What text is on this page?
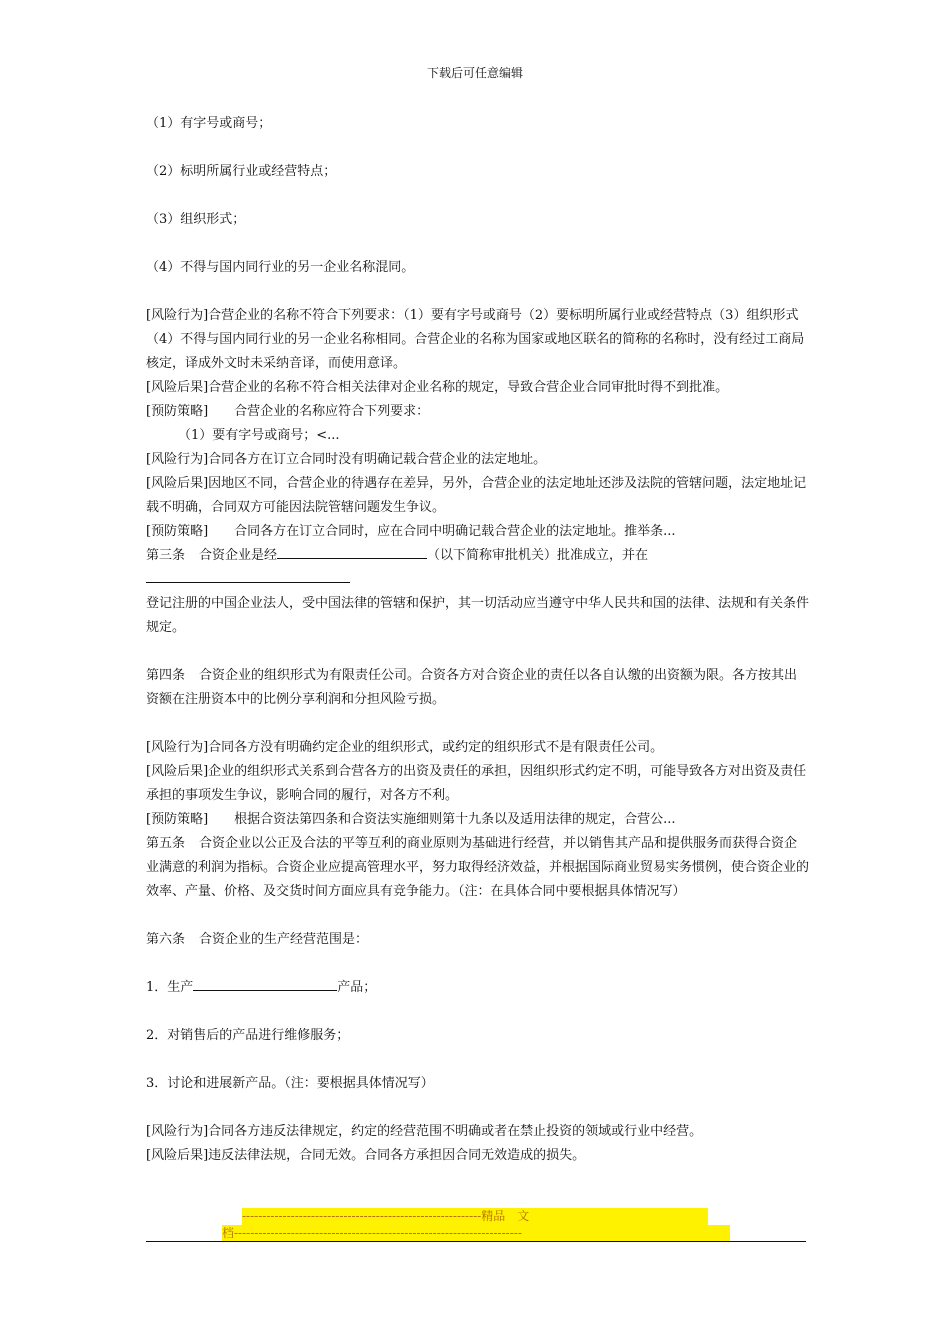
下载后可任意编辑

（1）有字号或商号；

（2）标明所属行业或经营特点；

（3）组织形式；

（4）不得与国内同行业的另一企业名称混同。

[风险行为]合营企业的名称不符合下列要求：（1）要有字号或商号（2）要标明所属行业或经营特点（3）组织形式（4）不得与国内同行业的另一企业名称相同。合营企业的名称为国家或地区联名的简称的名称时，没有经过工商局核定，译成外文时未采纳音译，而使用意译。

[风险后果]合营企业的名称不符合相关法律对企业名称的规定，导致合营企业合同审批时得不到批准。

[预防策略] 合营企业的名称应符合下列要求：

（1）要有字号或商号；<...

[风险行为]合同各方在订立合同时没有明确记载合营企业的法定地址。

[风险后果]因地区不同，合营企业的待遇存在差异，另外，合营企业的法定地址还涉及法院的管辖问题，法定地址记载不明确，合同双方可能因法院管辖问题发生争议。

[预防策略] 合同各方在订立合同时，应在合同中明确记载合营企业的法定地址。推举条...

第三条 合资企业是经	（以下简称审批机关）批准成立，并在

登记注册的中国企业法人，受中国法律的管辖和保护，其一切活动应当遵守中华人民共和国的法律、法规和有关条件规定。

第四条 合资企业的组织形式为有限责任公司。合资各方对合资企业的责任以各自认缴的出资额为限。各方按其出资额在注册资本中的比例分享利润和分担风险亏损。

[风险行为]合同各方没有明确约定企业的组织形式，或约定的组织形式不是有限责任公司。

[风险后果]企业的组织形式关系到合营各方的出资及责任的承担，因组织形式约定不明，可能导致各方对出资及责任承担的事项发生争议，影响合同的履行，对各方不利。

[预防策略] 根据合资法第四条和合资法实施细则第十九条以及适用法律的规定，合营公...

第五条 合资企业以公正及合法的平等互利的商业原则为基础进行经营，并以销售其产品和提供服务而获得合资企业满意的利润为指标。合资企业应提高管理水平，努力取得经济效益，并根据国际商业贸易实务惯例，使合资企业的效率、产量、价格、及交货时间方面应具有竞争能力。（注：在具体合同中要根据具体情况写）

第六条 合资企业的生产经营范围是：

1．生产	产品；

2．对销售后的产品进行维修服务；

3．讨论和进展新产品。（注：要根据具体情况写）

[风险行为]合同各方违反法律规定，约定的经营范围不明确或者在禁止投资的领域或行业中经营。

[风险后果]违反法律法规，合同无效。合同各方承担因合同无效造成的损失。

-----------------------------------------------------------精品　文
档-----------------------------------------------------------------------
